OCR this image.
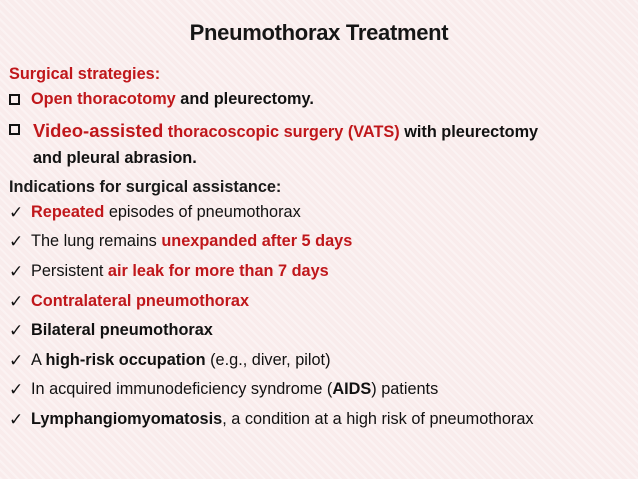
Pneumothorax Treatment
Surgical strategies:
Open thoracotomy and pleurectomy.
Video-assisted thoracoscopic surgery (VATS) with pleurectomy
and pleural abrasion.
Indications for surgical assistance:
✓ Repeated episodes of pneumothorax
✓ The lung remains unexpanded after 5 days
✓ Persistent air leak for more than 7 days
✓ Contralateral pneumothorax
✓ Bilateral pneumothorax
✓ A high-risk occupation (e.g., diver, pilot)
✓ In acquired immunodeficiency syndrome (AIDS) patients
✓ Lymphangiomyomatosis, a condition at a high risk of pneumothorax
